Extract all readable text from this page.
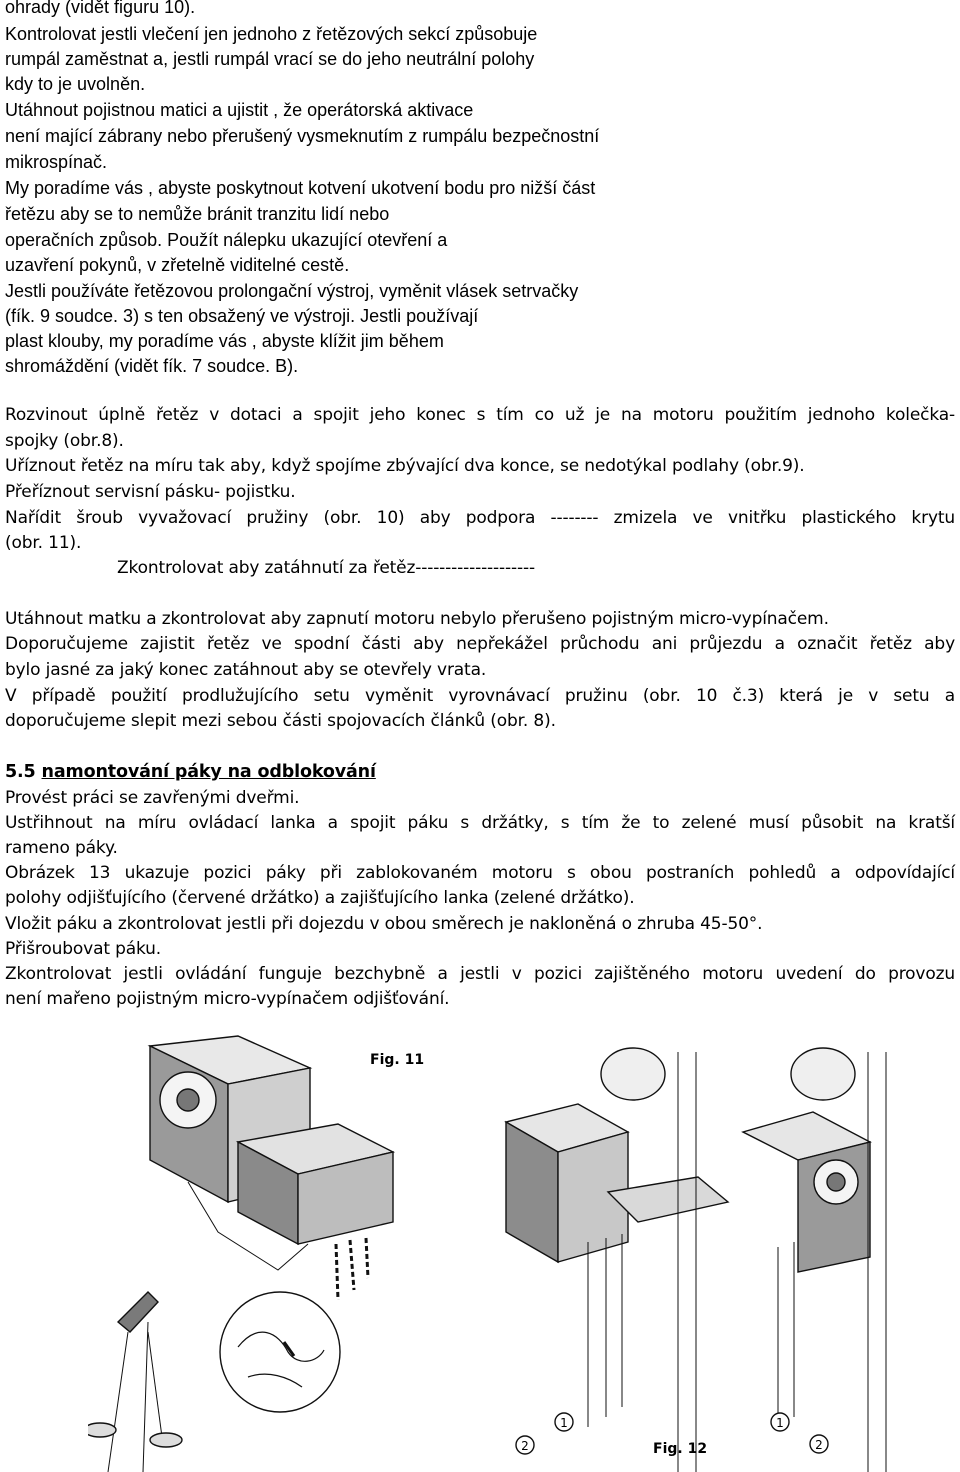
ohrady (vidět figuru 10).
Kontrolovat jestli vlečení jen jednoho z řetězových sekcí způsobuje
rumpál zaměstnat a, jestli rumpál vrací se do jeho neutrální polohy
kdy to je uvolněn.
Utáhnout pojistnou matici a ujistit , že operátorská aktivace
není mající zábrany nebo přerušený vysmeknutím z rumpálu bezpečnostní
mikrospínač.
My poradíme vás , abyste poskytnout kotvení ukotvení bodu pro nižší část
řetězu aby se to nemůže bránit tranzitu lidí nebo
operačních způsob. Použít nálepku ukazující otevření a
uzavření pokynů, v zřetelně viditelné cestě.
Jestli používáte řetězovou prolongační výstroj, vyměnit vlásek setrvačky
(fík. 9 soudce. 3) s ten obsažený ve výstroji. Jestli používají
plast klouby, my poradíme vás , abyste klížit jim během
shromáždění (vidět fík. 7 soudce. B).
Rozvinout úplně řetěz v dotaci a spojit jeho konec s tím co už je na motoru použitím jednoho kolečka-
spojky (obr.8).
Uříznout řetěz na míru tak aby, když spojíme zbývající dva konce, se nedotýkal podlahy (obr.9).
Přeříznout servisní pásku- pojistku.
Nařídit šroub vyvažovací pružiny (obr. 10) aby podpora -------- zmizela ve vnitřku plastického krytu
(obr. 11).
Zkontrolovat aby zatáhnutí za řetěz--------------------
Utáhnout matku a zkontrolovat aby zapnutí motoru nebylo přerušeno pojistným micro-vypínačem.
Doporučujeme zajistit řetěz ve spodní části aby nepřekážel průchodu ani průjezdu a označit řetěz aby
bylo jasné za jaký konec zatáhnout aby se otevřely vrata.
V případě použití prodlužujícího setu vyměnit vyrovnávací pružinu (obr. 10 č.3) která je v setu a
doporučujeme slepit mezi sebou části spojovacích článků (obr. 8).
5.5 namontování páky na odblokování
Provést práci se zavřenými dveřmi.
Ustřihnout na míru ovládací lanka a spojit páku s držátky, s tím že to zelené musí působit na kratší
rameno páky.
Obrázek 13 ukazuje pozici páky při zablokovaném motoru s obou postraních pohledů a odpovídající
polohy odjišťujícího (červené držátko) a zajišťujícího lanka (zelené držátko).
Vložit páku a zkontrolovat jestli při dojezdu v obou směrech je nakloněná o zhruba 45-50°.
Přišroubovat páku.
Zkontrolovat jestli ovládání funguje bezchybně a jestli v pozici zajištěného motoru uvedení do provozu
není mařeno pojistným micro-vypínačem odjišťování.
Fig. 11
Fig. 12
1
2
1
2
